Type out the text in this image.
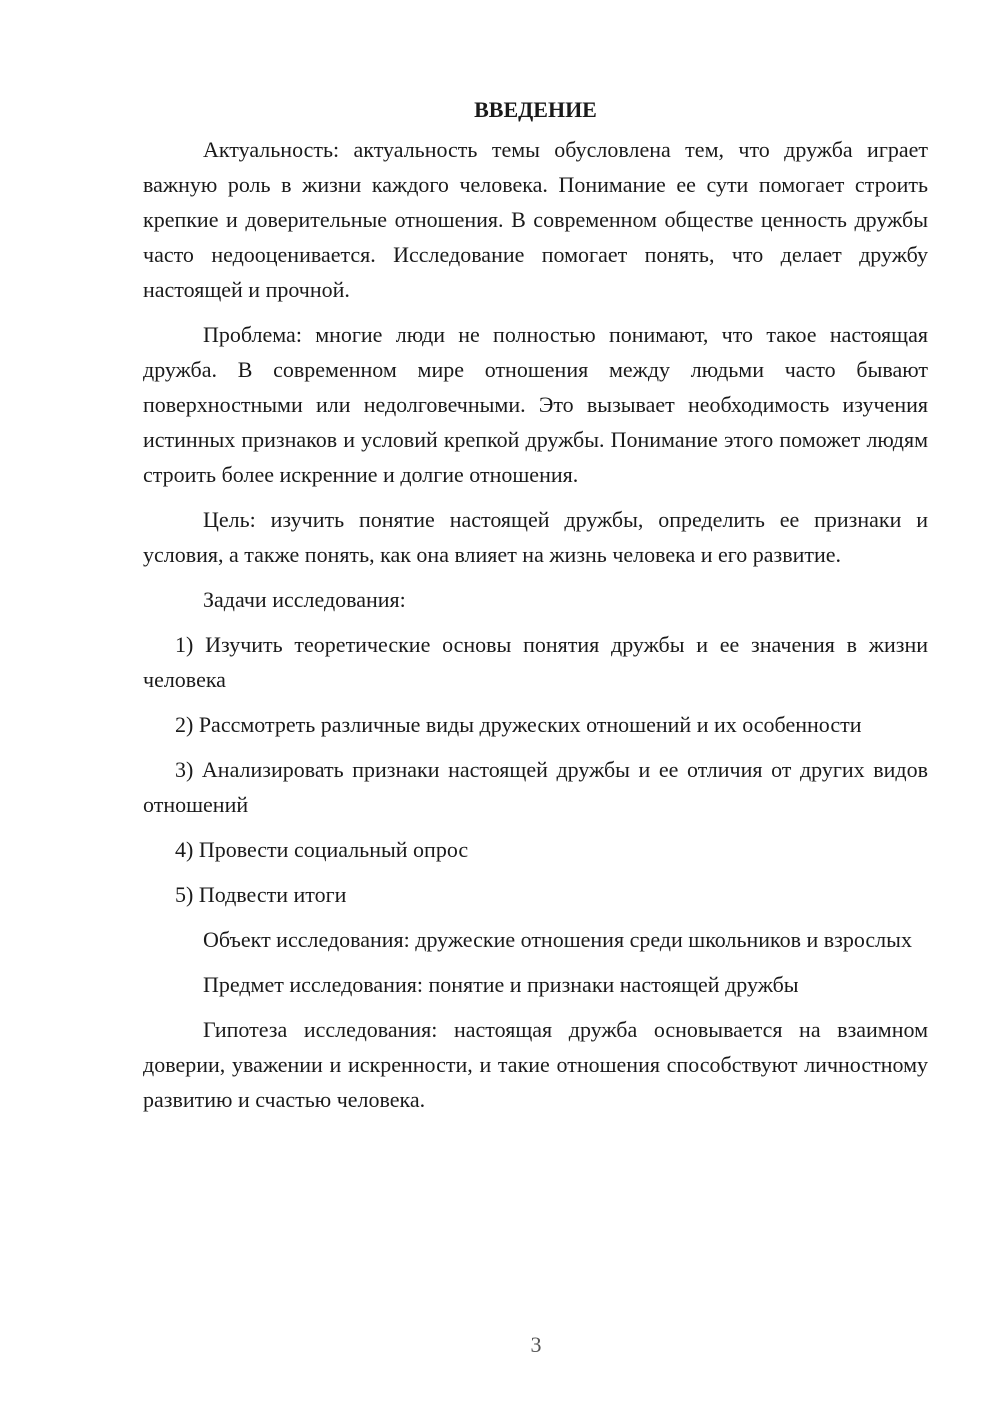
ВВЕДЕНИЕ

Актуальность: актуальность темы обусловлена тем, что дружба играет важную роль в жизни каждого человека. Понимание ее сути помогает строить крепкие и доверительные отношения. В современном обществе ценность дружбы часто недооценивается. Исследование помогает понять, что делает дружбу настоящей и прочной.

Проблема: многие люди не полностью понимают, что такое настоящая дружба. В современном мире отношения между людьми часто бывают поверхностными или недолговечными. Это вызывает необходимость изучения истинных признаков и условий крепкой дружбы. Понимание этого поможет людям строить более искренние и долгие отношения.

Цель: изучить понятие настоящей дружбы, определить ее признаки и условия, а также понять, как она влияет на жизнь человека и его развитие.

Задачи исследования:

1) Изучить теоретические основы понятия дружбы и ее значения в жизни человека

2) Рассмотреть различные виды дружеских отношений и их особенности

3) Анализировать признаки настоящей дружбы и ее отличия от других видов отношений

4) Провести социальный опрос

5) Подвести итоги

Объект исследования: дружеские отношения среди школьников и взрослых

Предмет исследования: понятие и признаки настоящей дружбы

Гипотеза исследования: настоящая дружба основывается на взаимном доверии, уважении и искренности, и такие отношения способствуют личностному развитию и счастью человека.

3
